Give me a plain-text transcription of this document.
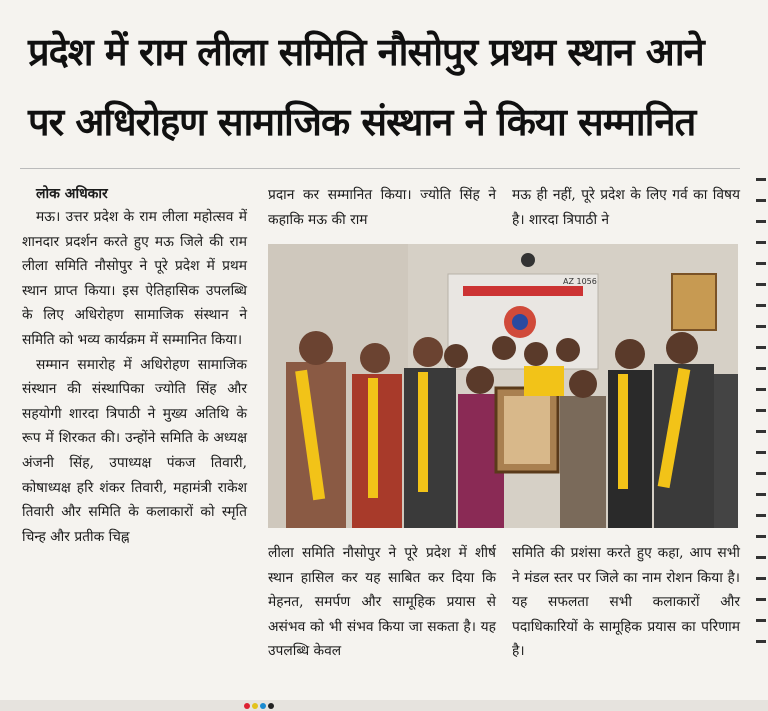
प्रदेश में राम लीला समिति नौसोपुर प्रथम स्थान आने
पर अधिरोहण सामाजिक संस्थान ने किया सम्मानित
लोक अधिकार

मऊ। उत्तर प्रदेश के राम लीला महोत्सव में शानदार प्रदर्शन करते हुए मऊ जिले की राम लीला समिति नौसोपुर ने पूरे प्रदेश में प्रथम स्थान प्राप्त किया। इस ऐतिहासिक उपलब्धि के लिए अधिरोहण सामाजिक संस्थान ने समिति को भव्य कार्यक्रम में सम्मानित किया।

सम्मान समारोह में अधिरोहण सामाजिक संस्थान की संस्थापिका ज्योति सिंह और सहयोगी शारदा त्रिपाठी ने मुख्य अतिथि के रूप में शिरकत की। उन्होंने समिति के अध्यक्ष अंजनी सिंह, उपाध्यक्ष पंकज तिवारी, कोषाध्यक्ष हरि शंकर तिवारी, महामंत्री राकेश तिवारी और समिति के कलाकारों को स्मृति चिन्ह और प्रतीक चिह्न

प्रदान कर सम्मानित किया। ज्योति सिंह ने कहाकि मऊ की राम

मऊ ही नहीं, पूरे प्रदेश के लिए गर्व का विषय है। शारदा त्रिपाठी ने

AZ 1056

लीला समिति नौसोपुर ने पूरे प्रदेश में शीर्ष स्थान हासिल कर यह साबित कर दिया कि मेहनत, समर्पण और सामूहिक प्रयास से असंभव को भी संभव किया जा सकता है। यह उपलब्धि केवल

समिति की प्रशंसा करते हुए कहा, आप सभी ने मंडल स्तर पर जिले का नाम रोशन किया है। यह सफलता सभी कलाकारों और पदाधिकारियों के सामूहिक प्रयास का परिणाम है।
